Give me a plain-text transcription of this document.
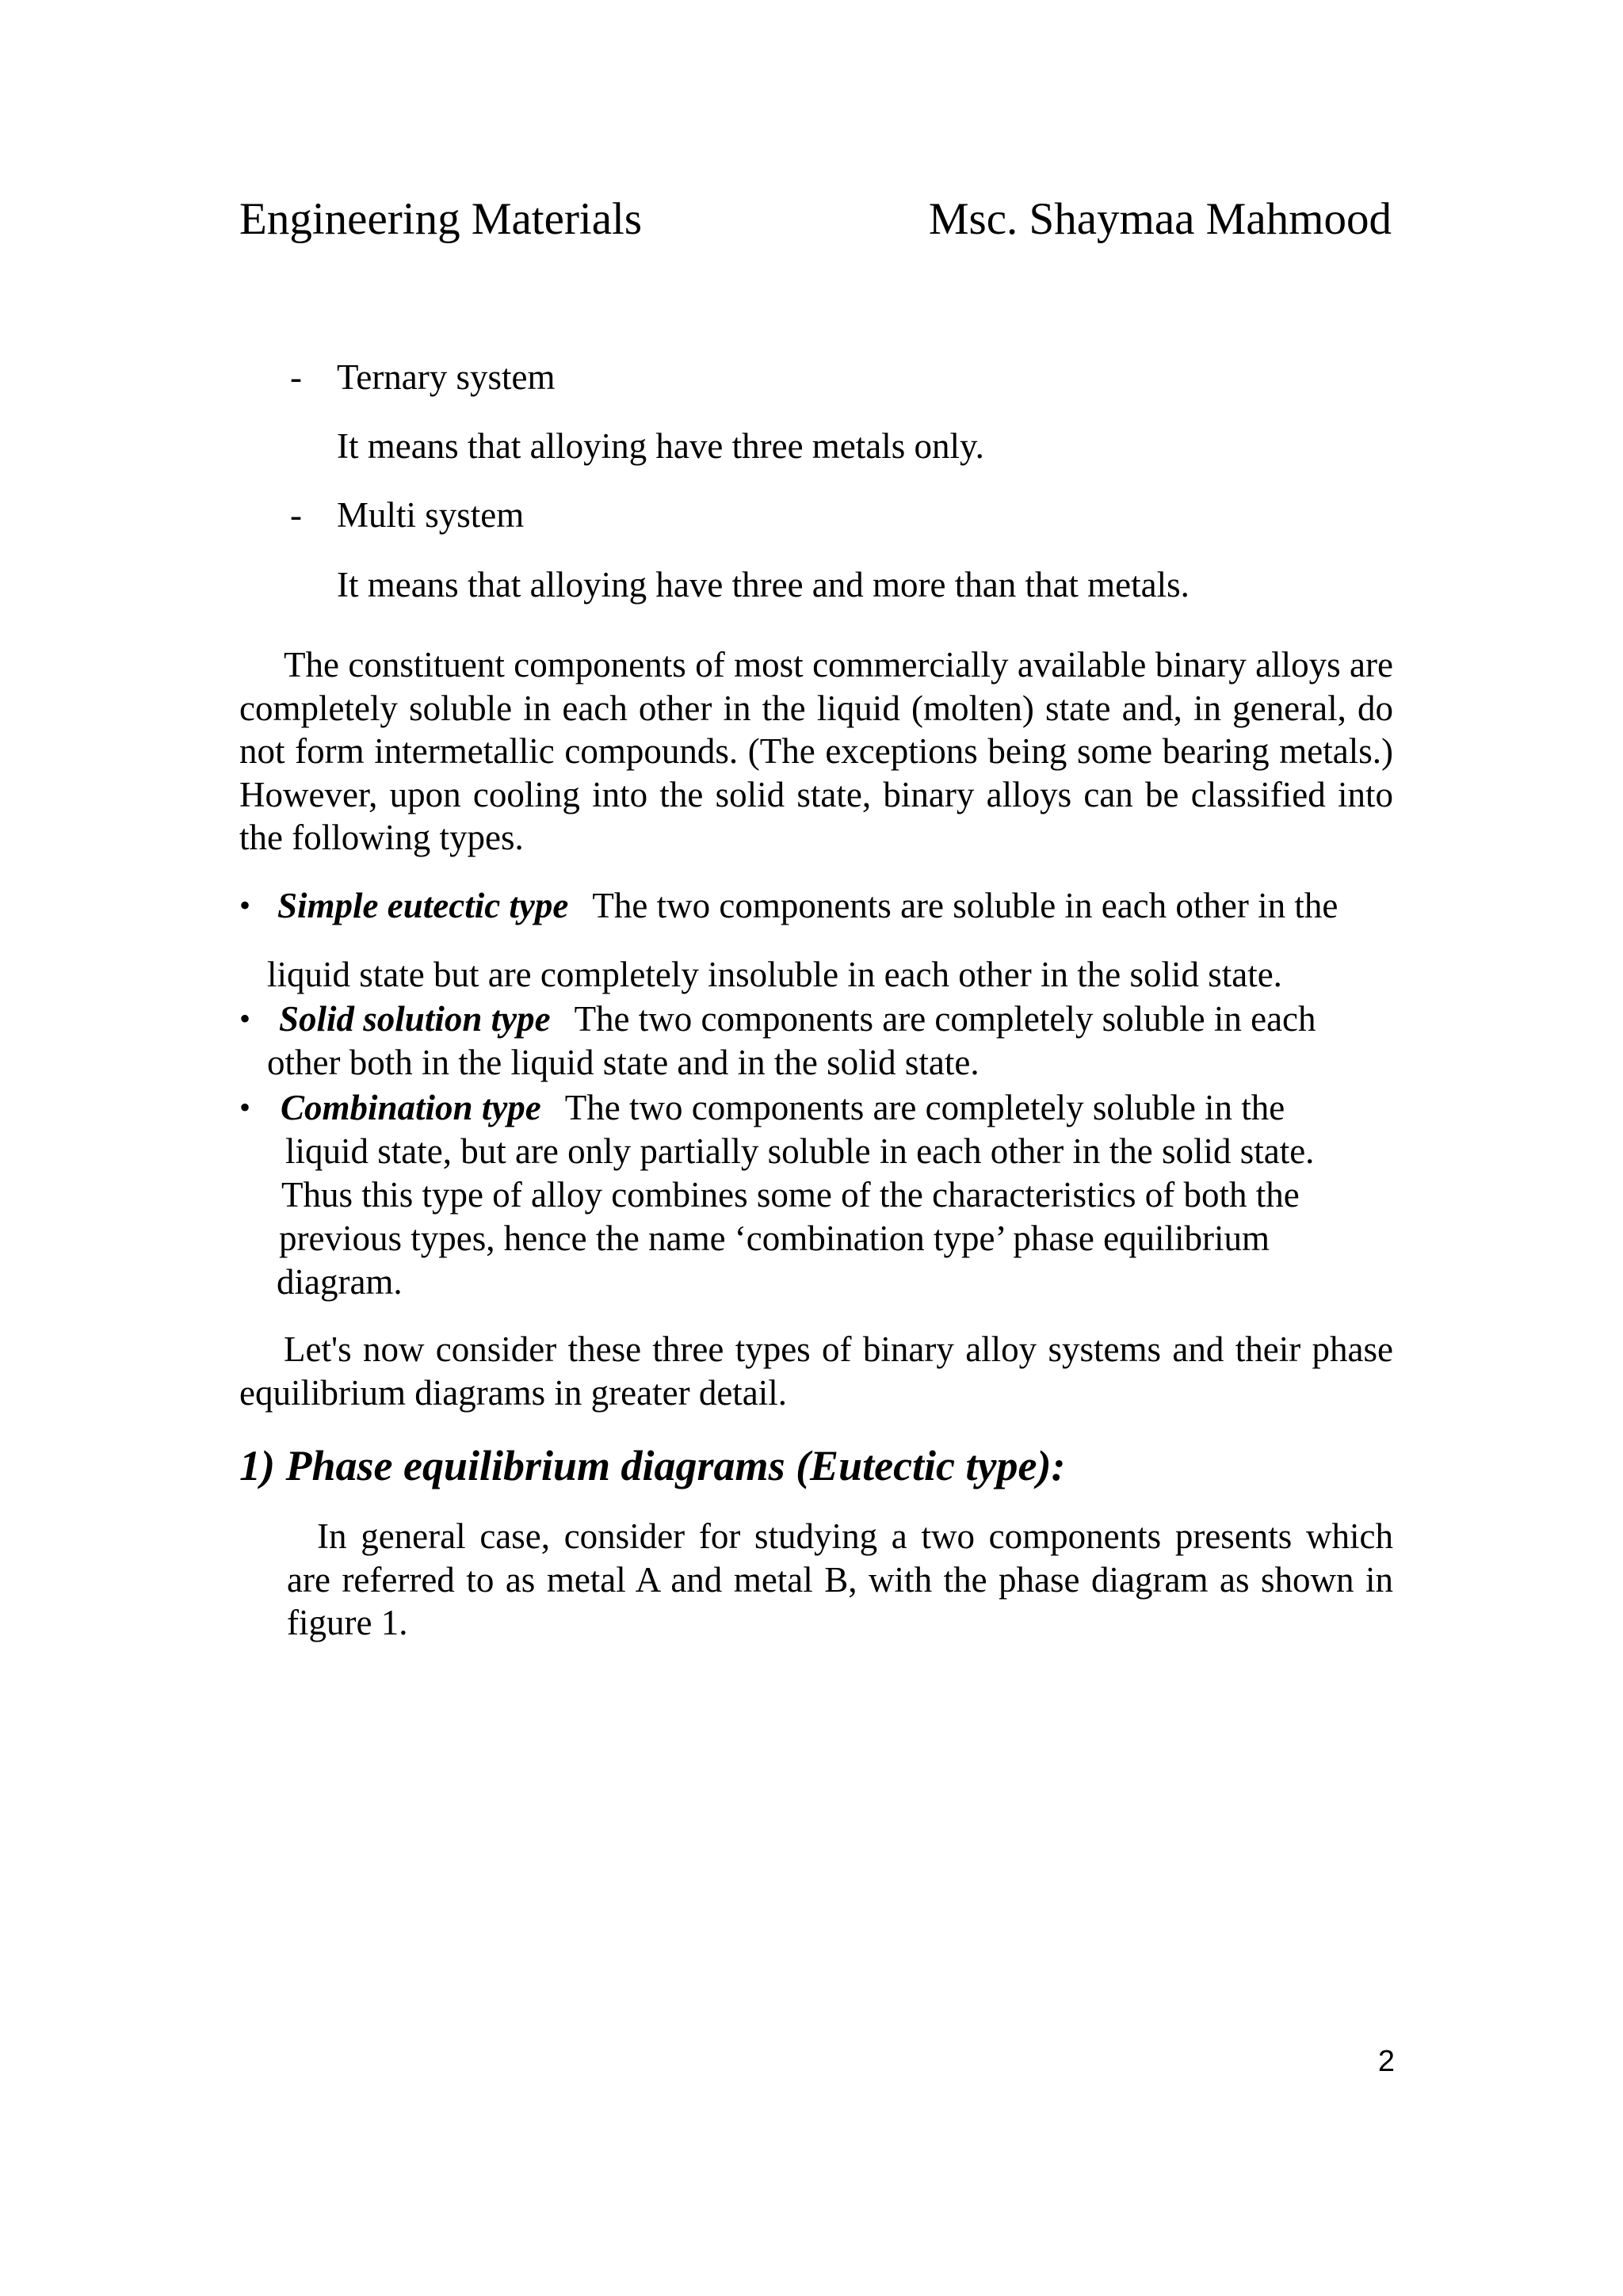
Engineering Materials	Msc. Shaymaa Mahmood
- Ternary system
It means that alloying have three metals only.
- Multi system
It means that alloying have three and more than that metals.
The constituent components of most commercially available binary alloys are completely soluble in each other in the liquid (molten) state and, in general, do not form intermetallic compounds. (The exceptions being some bearing metals.) However, upon cooling into the solid state, binary alloys can be classified into the following types.
• Simple eutectic type The two components are soluble in each other in the
liquid state but are completely insoluble in each other in the solid state.
• Solid solution type The two components are completely soluble in each
other both in the liquid state and in the solid state.
• Combination type The two components are completely soluble in the
liquid state, but are only partially soluble in each other in the solid state.
Thus this type of alloy combines some of the characteristics of both the
previous types, hence the name ‘combination type’ phase equilibrium
diagram.
Let's now consider these three types of binary alloy systems and their phase equilibrium diagrams in greater detail.
1) Phase equilibrium diagrams (Eutectic type):
In general case, consider for studying a two components presents which are referred to as metal A and metal B, with the phase diagram as shown in figure 1.
2
